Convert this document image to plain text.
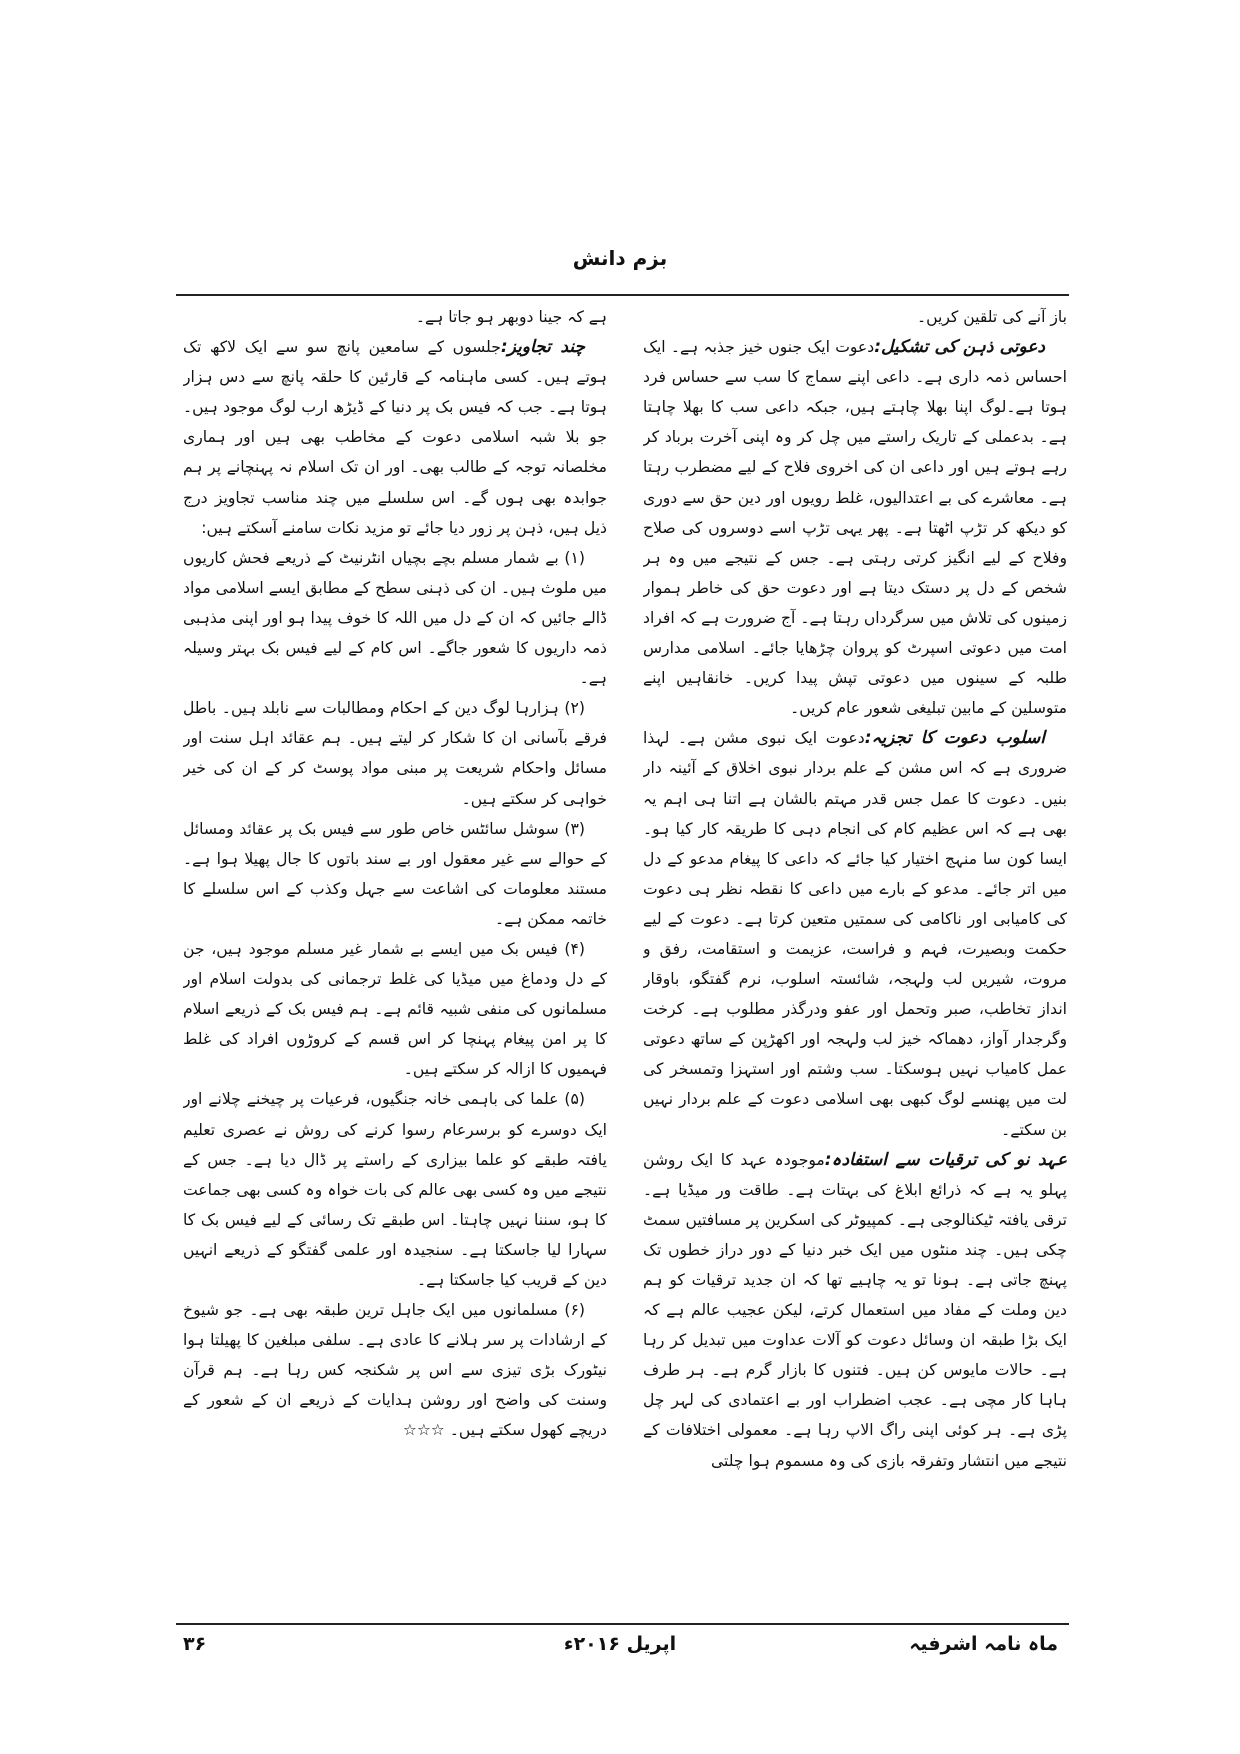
بزم دانش

باز آنے کی تلقین کریں۔

دعوتی ذہن کی تشکیل:دعوت ایک جنوں خیز جذبہ ہے۔ ایک احساس ذمہ داری ہے۔ داعی اپنے سماج کا سب سے حساس فرد ہوتا ہے۔لوگ اپنا بھلا چاہتے ہیں، جبکہ داعی سب کا بھلا چاہتا ہے۔ بدعملی کے تاریک راستے میں چل کر وہ اپنی آخرت برباد کر رہے ہوتے ہیں اور داعی ان کی اخروی فلاح کے لیے مضطرب رہتا ہے۔ معاشرے کی بے اعتدالیوں، غلط رویوں اور دین حق سے دوری کو دیکھ کر تڑپ اٹھتا ہے۔ پھر یہی تڑپ اسے دوسروں کی صلاح وفلاح کے لیے انگیز کرتی رہتی ہے۔ جس کے نتیجے میں وہ ہر شخص کے دل پر دستک دیتا ہے اور دعوت حق کی خاطر ہموار زمینوں کی تلاش میں سرگرداں رہتا ہے۔ آج ضرورت ہے کہ افراد امت میں دعوتی اسپرٹ کو پروان چڑھایا جائے۔ اسلامی مدارس طلبہ کے سینوں میں دعوتی تپش پیدا کریں۔ خانقاہیں اپنے متوسلین کے مابین تبلیغی شعور عام کریں۔

اسلوب دعوت کا تجزیہ:دعوت ایک نبوی مشن ہے۔ لہذا ضروری ہے کہ اس مشن کے علم بردار نبوی اخلاق کے آئینہ دار بنیں۔ دعوت کا عمل جس قدر مہتم بالشان ہے اتنا ہی اہم یہ بھی ہے کہ اس عظیم کام کی انجام دہی کا طریقہ کار کیا ہو۔ ایسا کون سا منہج اختیار کیا جائے کہ داعی کا پیغام مدعو کے دل میں اتر جائے۔ مدعو کے بارے میں داعی کا نقطہ نظر ہی دعوت کی کامیابی اور ناکامی کی سمتیں متعین کرتا ہے۔ دعوت کے لیے حکمت وبصیرت، فہم و فراست، عزیمت و استقامت، رفق و مروت، شیریں لب ولہجہ، شائستہ اسلوب، نرم گفتگو، باوقار انداز تخاطب، صبر وتحمل اور عفو ودرگذر مطلوب ہے۔ کرخت وگرجدار آواز، دھماکہ خیز لب ولہجہ اور اکھڑپن کے ساتھ دعوتی عمل کامیاب نہیں ہوسکتا۔ سب وشتم اور استہزا وتمسخر کی لت میں پھنسے لوگ کبھی بھی اسلامی دعوت کے علم بردار نہیں بن سکتے۔

عہد نو کی ترقیات سے استفادہ:موجودہ عہد کا ایک روشن پہلو یہ ہے کہ ذرائع ابلاغ کی بہتات ہے۔ طاقت ور میڈیا ہے۔ ترقی یافتہ ٹیکنالوجی ہے۔ کمپیوٹر کی اسکرین پر مسافتیں سمٹ چکی ہیں۔ چند منٹوں میں ایک خبر دنیا کے دور دراز خطوں تک پہنچ جاتی ہے۔ ہونا تو یہ چاہیے تھا کہ ان جدید ترقیات کو ہم دین وملت کے مفاد میں استعمال کرتے، لیکن عجیب عالم ہے کہ ایک بڑا طبقہ ان وسائل دعوت کو آلات عداوت میں تبدیل کر رہا ہے۔ حالات مایوس کن ہیں۔ فتنوں کا بازار گرم ہے۔ ہر طرف ہاہا کار مچی ہے۔ عجب اضطراب اور بے اعتمادی کی لہر چل پڑی ہے۔ ہر کوئی اپنی راگ الاپ رہا ہے۔ معمولی اختلافات کے نتیجے میں انتشار وتفرقہ بازی کی وہ مسموم ہوا چلتی

ہے کہ جینا دوبھر ہو جاتا ہے۔

چند تجاویز:جلسوں کے سامعین پانچ سو سے ایک لاکھ تک ہوتے ہیں۔ کسی ماہنامہ کے قارئین کا حلقہ پانچ سے دس ہزار ہوتا ہے۔ جب کہ فیس بک پر دنیا کے ڈیڑھ ارب لوگ موجود ہیں۔ جو بلا شبہ اسلامی دعوت کے مخاطب بھی ہیں اور ہماری مخلصانہ توجہ کے طالب بھی۔ اور ان تک اسلام نہ پہنچانے پر ہم جوابدہ بھی ہوں گے۔ اس سلسلے میں چند مناسب تجاویز درج ذیل ہیں، ذہن پر زور دیا جائے تو مزید نکات سامنے آسکتے ہیں:

(۱) بے شمار مسلم بچے بچیاں انٹرنیٹ کے ذریعے فحش کاریوں میں ملوث ہیں۔ ان کی ذہنی سطح کے مطابق ایسے اسلامی مواد ڈالے جائیں کہ ان کے دل میں اللہ کا خوف پیدا ہو اور اپنی مذہبی ذمہ داریوں کا شعور جاگے۔ اس کام کے لیے فیس بک بہتر وسیلہ ہے۔

(۲) ہزارہا لوگ دین کے احکام ومطالبات سے نابلد ہیں۔ باطل فرقے بآسانی ان کا شکار کر لیتے ہیں۔ ہم عقائد اہل سنت اور مسائل واحکام شریعت پر مبنی مواد پوسٹ کر کے ان کی خیر خواہی کر سکتے ہیں۔

(۳) سوشل سائٹس خاص طور سے فیس بک پر عقائد ومسائل کے حوالے سے غیر معقول اور بے سند باتوں کا جال پھیلا ہوا ہے۔ مستند معلومات کی اشاعت سے جہل وکذب کے اس سلسلے کا خاتمہ ممکن ہے۔

(۴) فیس بک میں ایسے بے شمار غیر مسلم موجود ہیں، جن کے دل ودماغ میں میڈیا کی غلط ترجمانی کی بدولت اسلام اور مسلمانوں کی منفی شبیہ قائم ہے۔ ہم فیس بک کے ذریعے اسلام کا پر امن پیغام پہنچا کر اس قسم کے کروڑوں افراد کی غلط فہمیوں کا ازالہ کر سکتے ہیں۔

(۵) علما کی باہمی خانہ جنگیوں، فرعیات پر چیخنے چلانے اور ایک دوسرے کو برسرعام رسوا کرنے کی روش نے عصری تعلیم یافتہ طبقے کو علما بیزاری کے راستے پر ڈال دیا ہے۔ جس کے نتیجے میں وہ کسی بھی عالم کی بات خواہ وہ کسی بھی جماعت کا ہو، سننا نہیں چاہتا۔ اس طبقے تک رسائی کے لیے فیس بک کا سہارا لیا جاسکتا ہے۔ سنجیدہ اور علمی گفتگو کے ذریعے انہیں دین کے قریب کیا جاسکتا ہے۔

(۶) مسلمانوں میں ایک جاہل ترین طبقہ بھی ہے۔ جو شیوخ کے ارشادات پر سر ہلانے کا عادی ہے۔ سلفی مبلغین کا پھیلتا ہوا نیٹورک بڑی تیزی سے اس پر شکنجہ کس رہا ہے۔ ہم قرآن وسنت کی واضح اور روشن ہدایات کے ذریعے ان کے شعور کے دریچے کھول سکتے ہیں۔ ☆☆☆

ماہ نامہ اشرفیہ
اپریل ۲۰۱۶ء
۳۶
